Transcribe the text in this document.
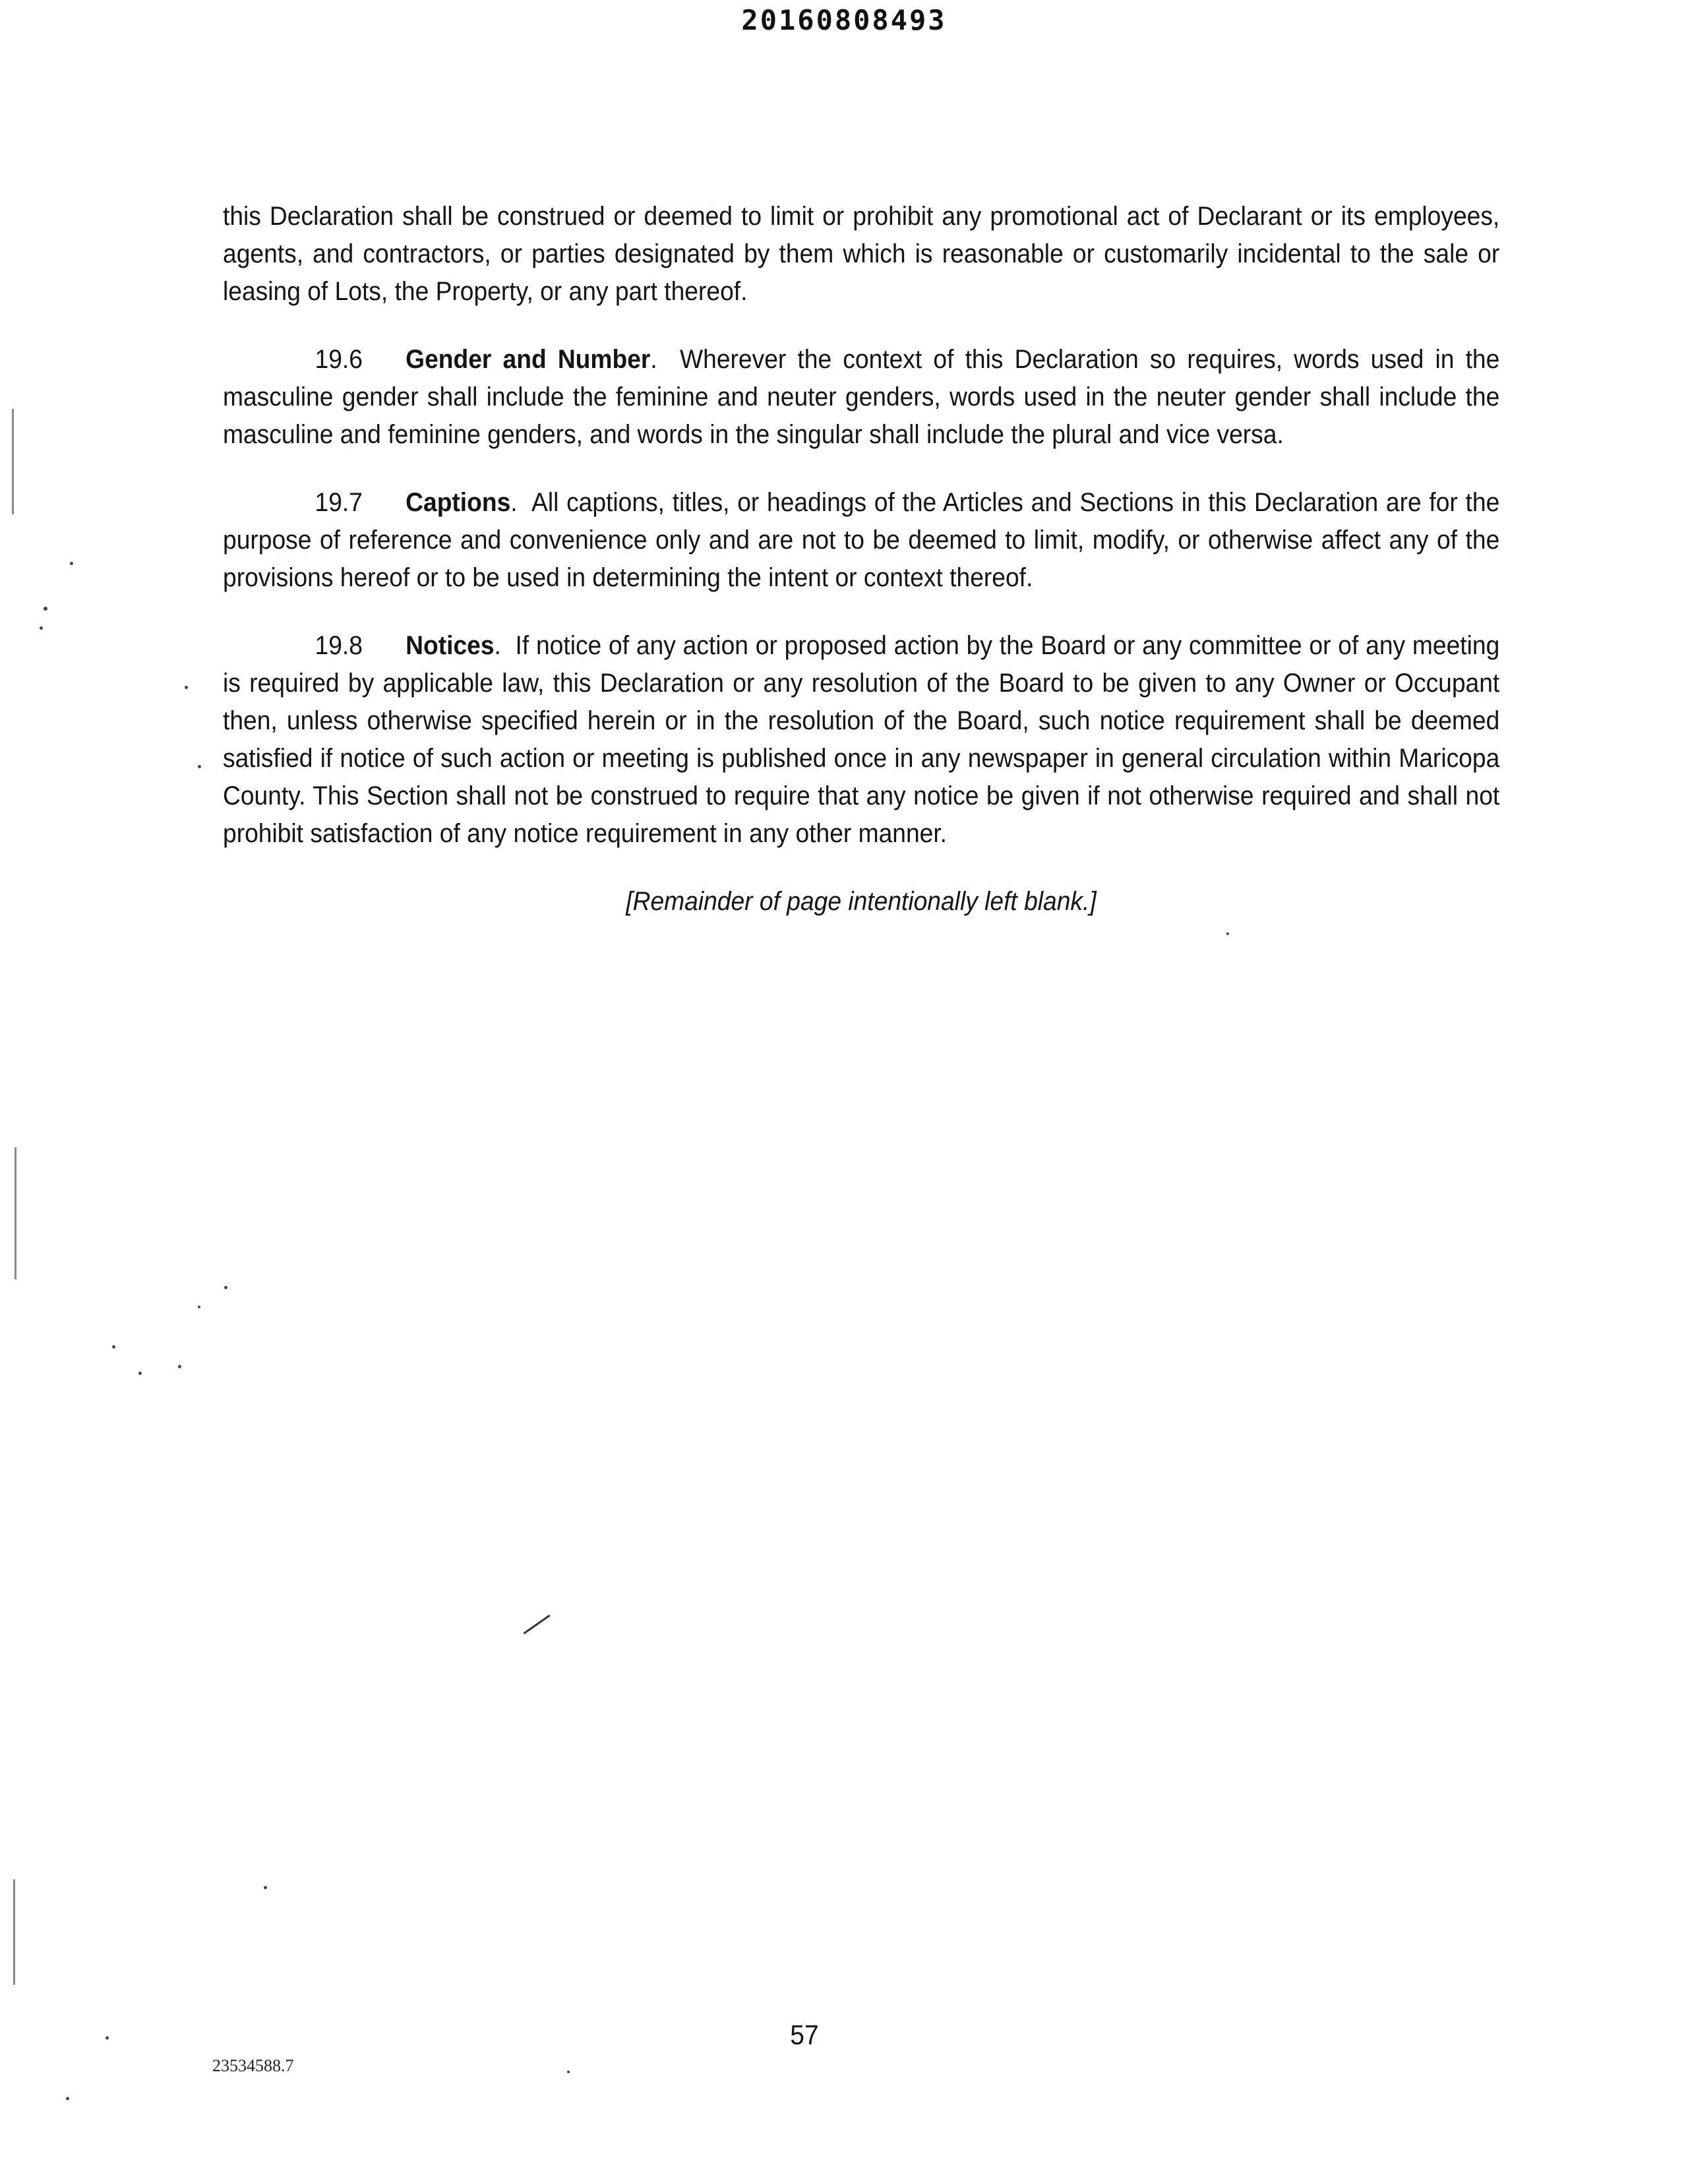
20160808493

this Declaration shall be construed or deemed to limit or prohibit any promotional act of Declarant or its employees, agents, and contractors, or parties designated by them which is reasonable or customarily incidental to the sale or leasing of Lots, the Property, or any part thereof.

19.6 Gender and Number.  Wherever the context of this Declaration so requires, words used in the masculine gender shall include the feminine and neuter genders, words used in the neuter gender shall include the masculine and feminine genders, and words in the singular shall include the plural and vice versa.

19.7 Captions.  All captions, titles, or headings of the Articles and Sections in this Declaration are for the purpose of reference and convenience only and are not to be deemed to limit, modify, or otherwise affect any of the provisions hereof or to be used in determining the intent or context thereof.

19.8 Notices.  If notice of any action or proposed action by the Board or any committee or of any meeting is required by applicable law, this Declaration or any resolution of the Board to be given to any Owner or Occupant then, unless otherwise specified herein or in the resolution of the Board, such notice requirement shall be deemed satisfied if notice of such action or meeting is published once in any newspaper in general circulation within Maricopa County. This Section shall not be construed to require that any notice be given if not otherwise required and shall not prohibit satisfaction of any notice requirement in any other manner.

[Remainder of page intentionally left blank.]
57
23534588.7
